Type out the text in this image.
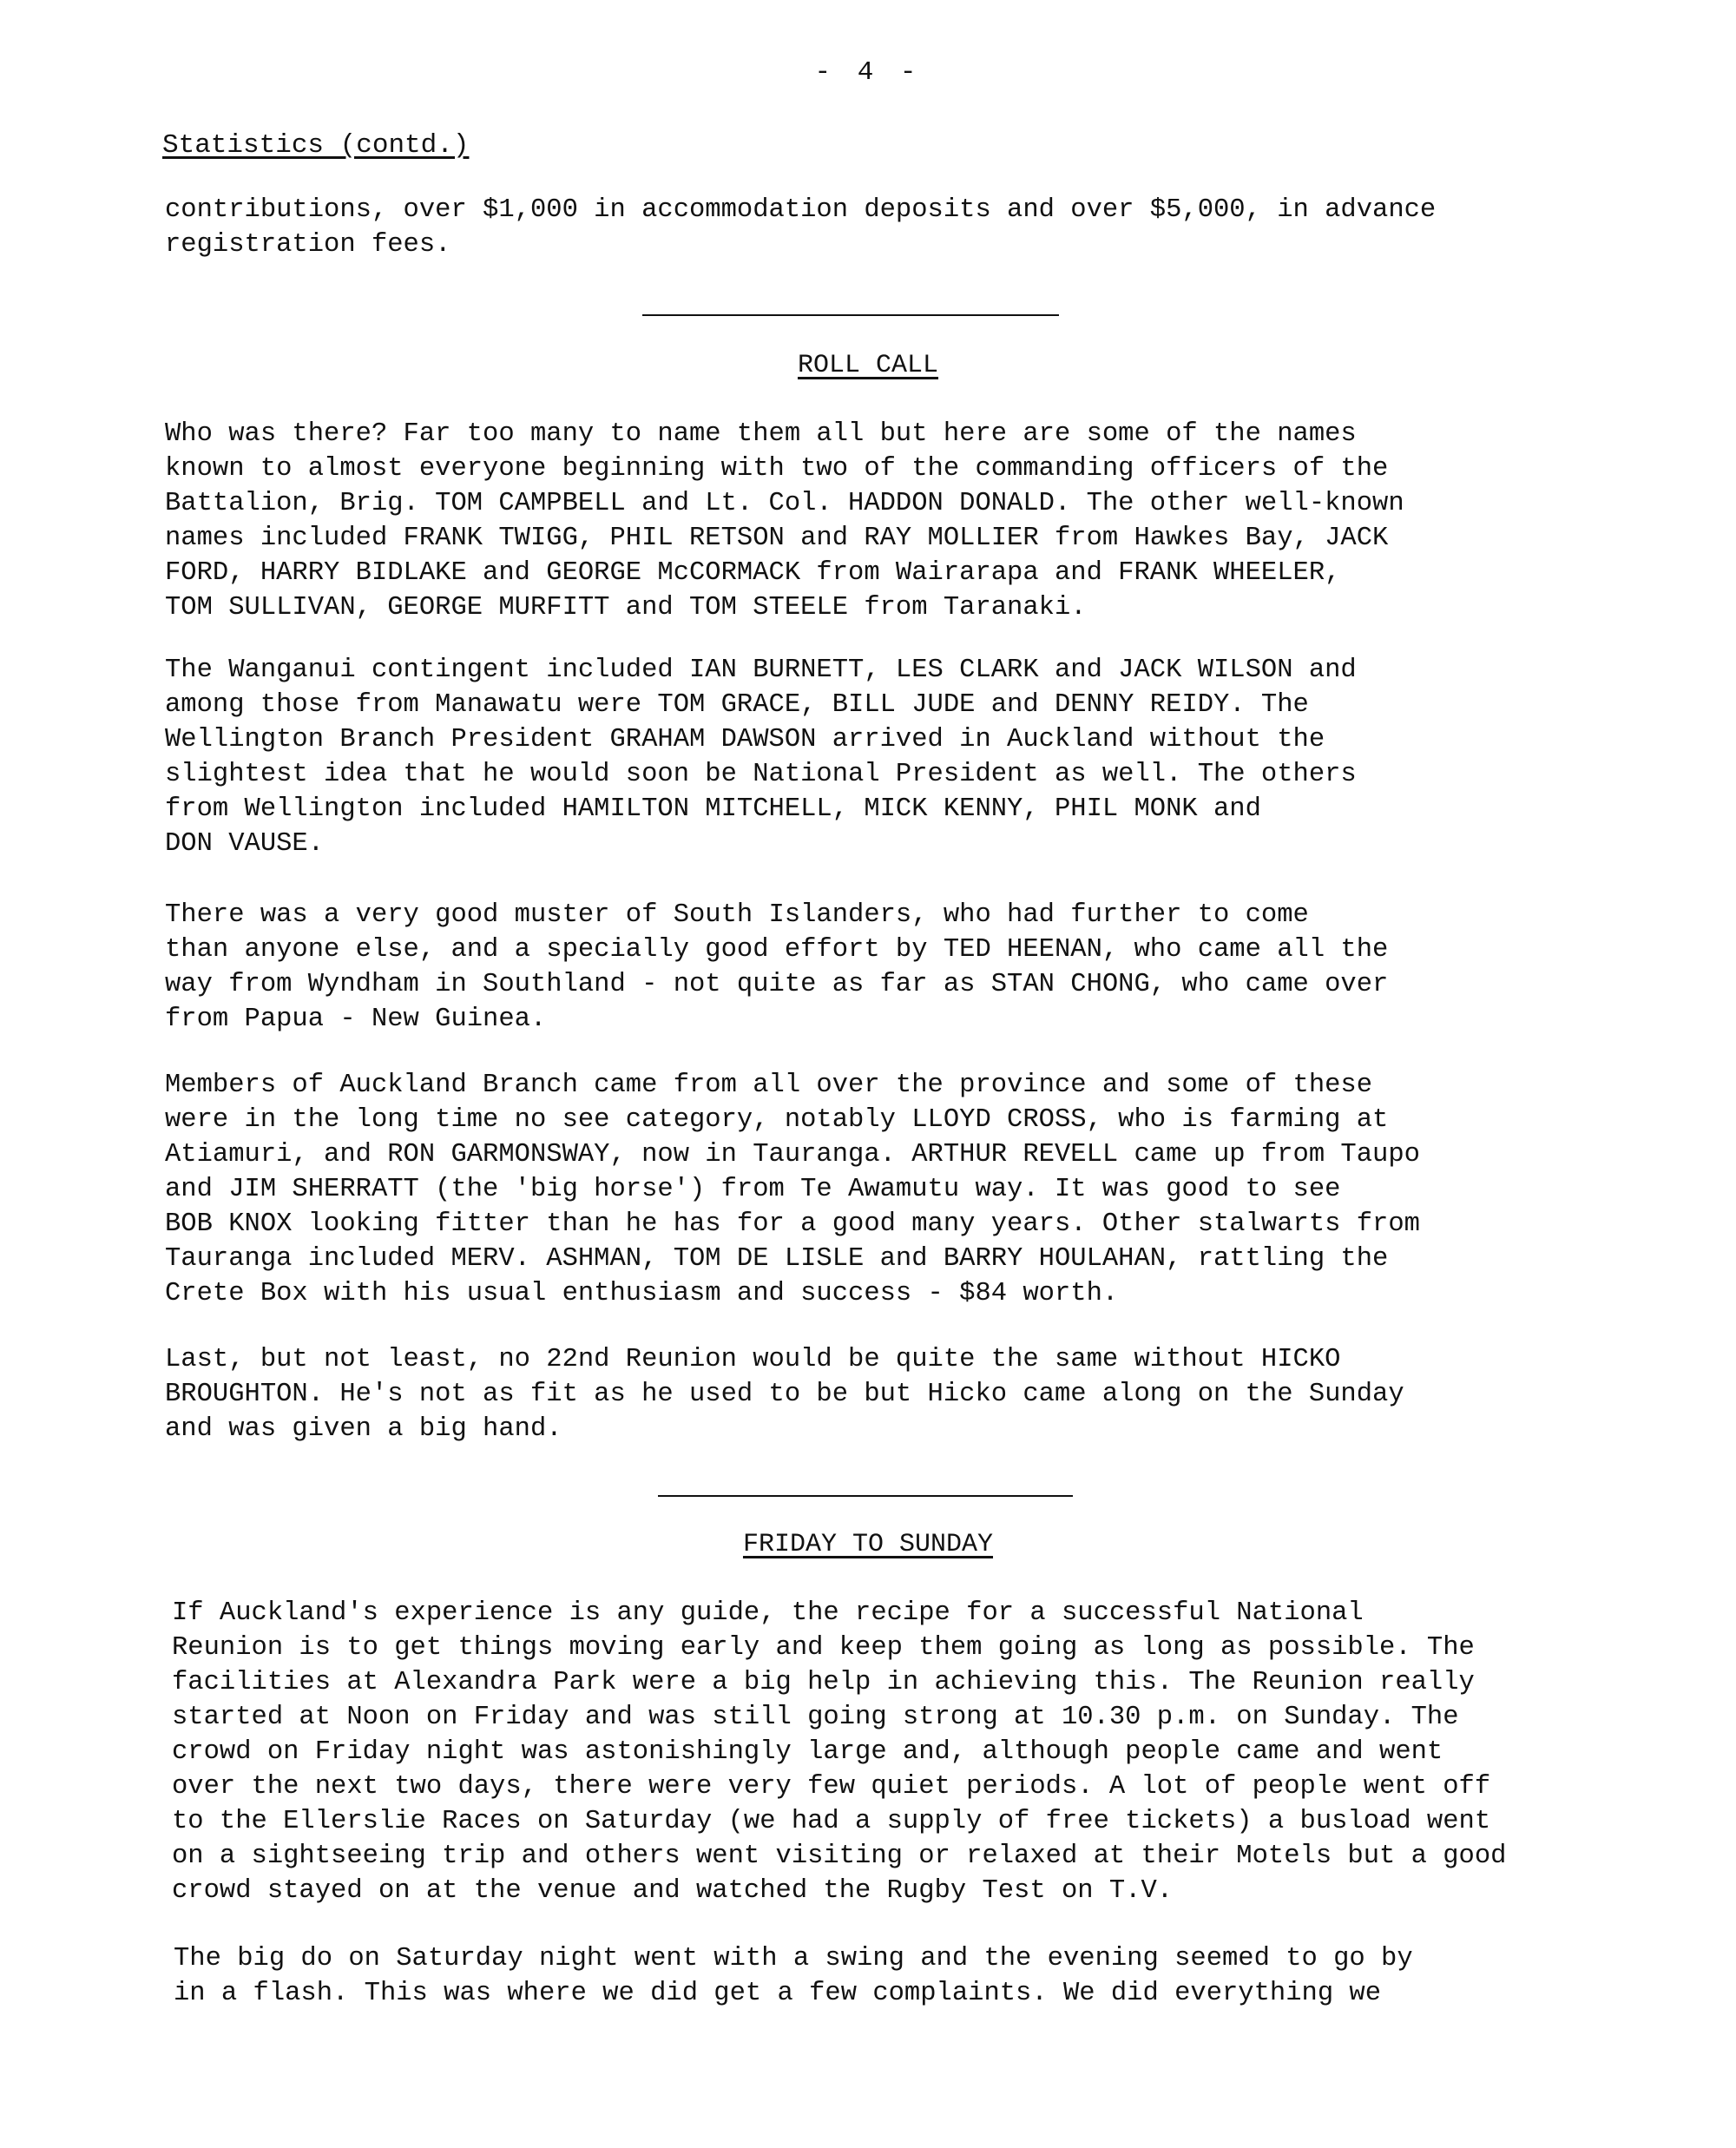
- 4 -
Statistics (contd.)

contributions, over $1,000 in accommodation deposits and over $5,000, in advance
registration fees.

ROLL CALL

Who was there? Far too many to name them all but here are some of the names
known to almost everyone beginning with two of the commanding officers of the
Battalion, Brig. TOM CAMPBELL and Lt. Col. HADDON DONALD. The other well-known
names included FRANK TWIGG, PHIL RETSON and RAY MOLLIER from Hawkes Bay, JACK
FORD, HARRY BIDLAKE and GEORGE McCORMACK from Wairarapa and FRANK WHEELER,
TOM SULLIVAN, GEORGE MURFITT and TOM STEELE from Taranaki.

The Wanganui contingent included IAN BURNETT, LES CLARK and JACK WILSON and
among those from Manawatu were TOM GRACE, BILL JUDE and DENNY REIDY. The
Wellington Branch President GRAHAM DAWSON arrived in Auckland without the
slightest idea that he would soon be National President as well. The others
from Wellington included HAMILTON MITCHELL, MICK KENNY, PHIL MONK and
DON VAUSE.

There was a very good muster of South Islanders, who had further to come
than anyone else, and a specially good effort by TED HEENAN, who came all the
way from Wyndham in Southland - not quite as far as STAN CHONG, who came over
from Papua - New Guinea.

Members of Auckland Branch came from all over the province and some of these
were in the long time no see category, notably LLOYD CROSS, who is farming at
Atiamuri, and RON GARMONSWAY, now in Tauranga. ARTHUR REVELL came up from Taupo
and JIM SHERRATT (the 'big horse') from Te Awamutu way. It was good to see
BOB KNOX looking fitter than he has for a good many years. Other stalwarts from
Tauranga included MERV. ASHMAN, TOM DE LISLE and BARRY HOULAHAN, rattling the
Crete Box with his usual enthusiasm and success - $84 worth.

Last, but not least, no 22nd Reunion would be quite the same without HICKO
BROUGHTON. He's not as fit as he used to be but Hicko came along on the Sunday
and was given a big hand.

FRIDAY TO SUNDAY

If Auckland's experience is any guide, the recipe for a successful National
Reunion is to get things moving early and keep them going as long as possible. The
facilities at Alexandra Park were a big help in achieving this. The Reunion really
started at Noon on Friday and was still going strong at 10.30 p.m. on Sunday. The
crowd on Friday night was astonishingly large and, although people came and went
over the next two days, there were very few quiet periods. A lot of people went off
to the Ellerslie Races on Saturday (we had a supply of free tickets) a busload went
on a sightseeing trip and others went visiting or relaxed at their Motels but a good
crowd stayed on at the venue and watched the Rugby Test on T.V.

The big do on Saturday night went with a swing and the evening seemed to go by
in a flash. This was where we did get a few complaints. We did everything we
